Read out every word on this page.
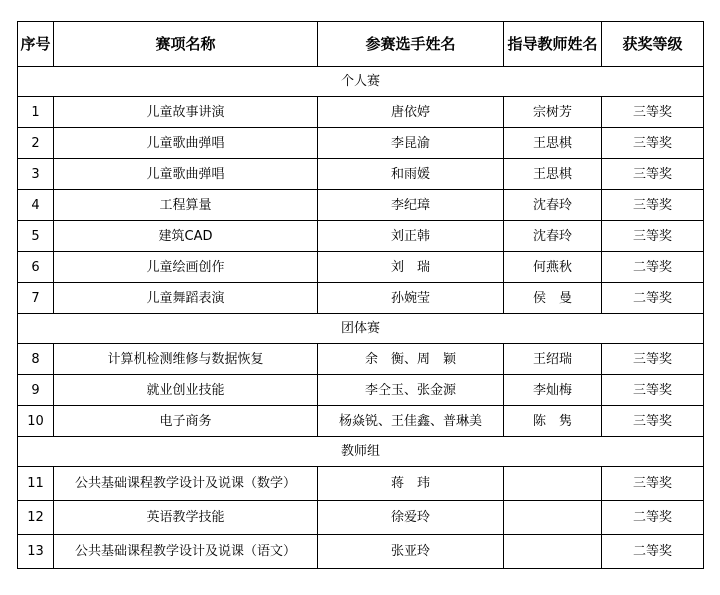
序号	赛项名称	参赛选手姓名	指导教师姓名	获奖等级
个人赛				
1	儿童故事讲演	唐依婷	宗树芳	三等奖
2	儿童歌曲弹唱	李昆渝	王思棋	三等奖
3	儿童歌曲弹唱	和雨媛	王思棋	三等奖
4	工程算量	李纪璋	沈春玲	三等奖
5	建筑CAD	刘正韩	沈春玲	三等奖
6	儿童绘画创作	刘　瑞	何燕秋	二等奖
7	儿童舞蹈表演	孙婉莹	侯　曼	二等奖
团体赛				
8	计算机检测维修与数据恢复	余　衡、周　颖	王绍瑞	三等奖
9	就业创业技能	李仝玉、张金源	李灿梅	三等奖
10	电子商务	杨焱锐、王佳鑫、普琳美	陈　隽	三等奖
教师组				
11	公共基础课程教学设计及说课（数学）	蒋　玮		三等奖
12	英语教学技能	徐爱玲		二等奖
13	公共基础课程教学设计及说课（语文）	张亚玲		二等奖
